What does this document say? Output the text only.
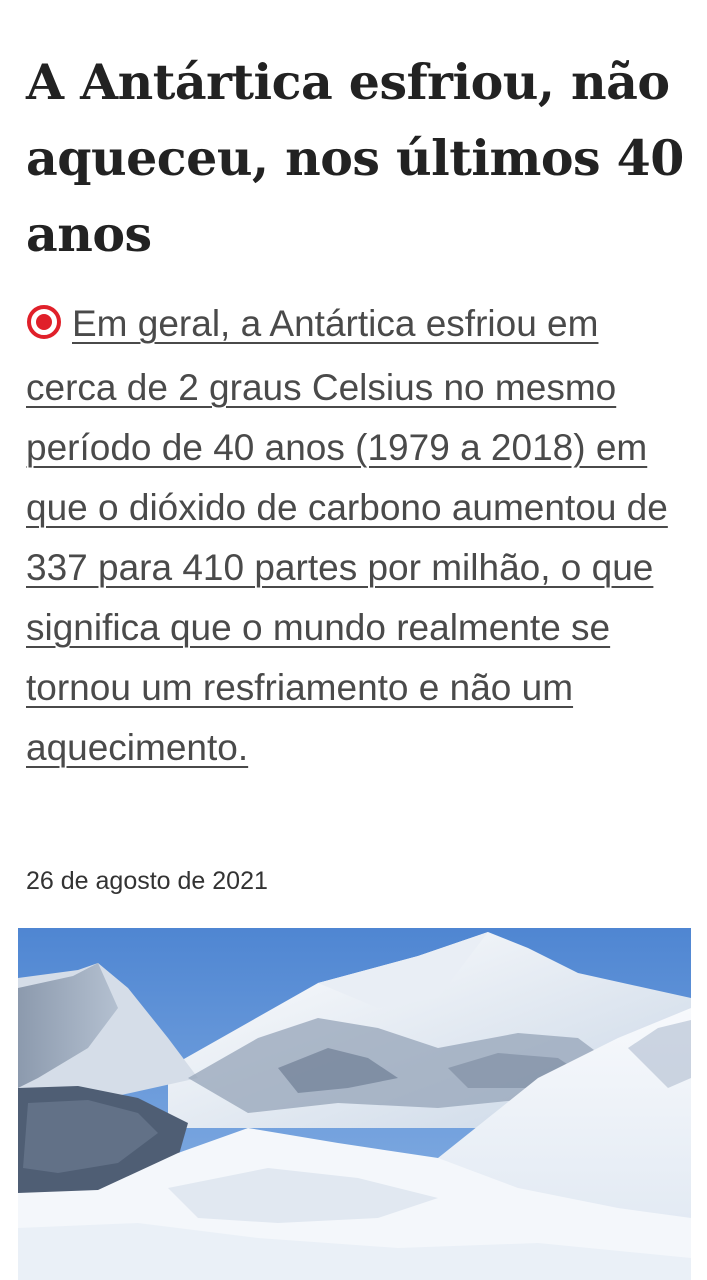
A Antártica esfriou, não aqueceu, nos últimos 40 anos

Em geral, a Antártica esfriou em cerca de 2 graus Celsius no mesmo período de 40 anos (1979 a 2018) em que o dióxido de carbono aumentou de 337 para 410 partes por milhão, o que significa que o mundo realmente se tornou um resfriamento e não um aquecimento.

26 de agosto de 2021
